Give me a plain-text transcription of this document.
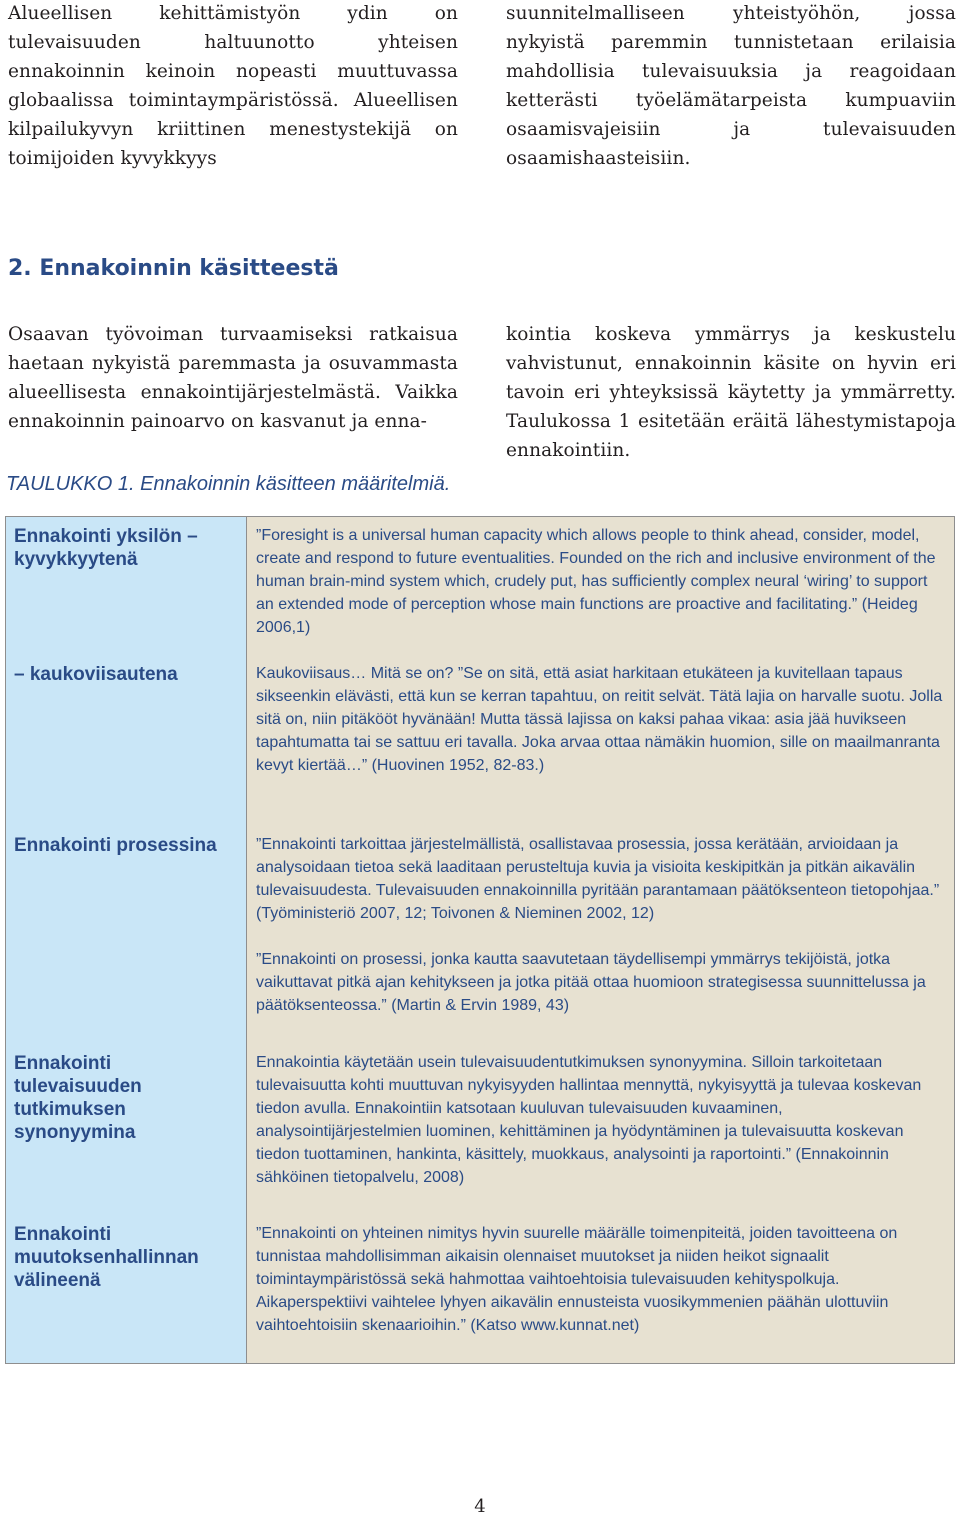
Alueellisen kehittämistyön ydin on tulevaisuuden haltuunotto yhteisen ennakoinnin keinoin nopeasti muuttuvassa globaalissa toimintaympäristössä. Alueellisen kilpailukyvyn kriittinen menestystekijä on toimijoiden kyvykkyys

suunnitelmalliseen yhteistyöhön, jossa nykyistä paremmin tunnistetaan erilaisia mahdollisia tulevaisuuksia ja reagoidaan ketterästi työelämätarpeista kumpuaviin osaamisvajeisiin ja tulevaisuuden osaamishaasteisiin.

2. Ennakoinnin käsitteestä

Osaavan työvoiman turvaamiseksi ratkaisua haetaan nykyistä paremmasta ja osuvammasta alueellisesta ennakointijärjestelmästä. Vaikka ennakoinnin painoarvo on kasvanut ja enna-

kointia koskeva ymmärrys ja keskustelu vahvistunut, ennakoinnin käsite on hyvin eri tavoin eri yhteyksissä käytetty ja ymmärretty. Taulukossa 1 esitetään eräitä lähestymistapoja ennakointiin.

TAULUKKO 1. Ennakoinnin käsitteen määritelmiä.
Ennakointi yksilön – kyvykkyytenä
– kaukoviisautena
Ennakointi prosessina
Ennakointi tulevaisuuden tutkimuksen synonyymina
Ennakointi muutoksenhallinnan välineenä

”Foresight is a universal human capacity which allows people to think ahead, consider, model, create and respond to future eventualities. Founded on the rich and inclusive environment of the human brain-mind system which, crudely put, has sufficiently complex neural ‘wiring’ to support an extended mode of perception whose main functions are proactive and facilitating.” (Heideg 2006,1)

Kaukoviisaus… Mitä se on? ”Se on sitä, että asiat harkitaan etukäteen ja kuvitellaan tapaus sikseenkin elävästi, että kun se kerran tapahtuu, on reitit selvät. Tätä lajia on harvalle suotu. Jolla sitä on, niin pitäkööt hyvänään! Mutta tässä lajissa on kaksi pahaa vikaa: asia jää huvikseen tapahtumatta tai se sattuu eri tavalla. Joka arvaa ottaa nämäkin huomion, sille on maailmanranta kevyt kiertää…” (Huovinen 1952, 82-83.)

”Ennakointi tarkoittaa järjestelmällistä, osallistavaa prosessia, jossa kerätään, arvioidaan ja analysoidaan tietoa sekä laaditaan perusteltuja kuvia ja visioita keskipitkän ja pitkän aikavälin tulevaisuudesta. Tulevaisuuden ennakoinnilla pyritään parantamaan päätöksenteon tietopohjaa.” (Työministeriö 2007, 12; Toivonen & Nieminen 2002, 12)

”Ennakointi on prosessi, jonka kautta saavutetaan täydellisempi ymmärrys tekijöistä, jotka vaikuttavat pitkä ajan kehitykseen ja jotka pitää ottaa huomioon strategisessa suunnittelussa ja päätöksenteossa.” (Martin & Ervin 1989, 43)

Ennakointia käytetään usein tulevaisuudentutkimuksen synonyymina. Silloin tarkoitetaan tulevaisuutta kohti muuttuvan nykyisyyden hallintaa mennyttä, nykyisyyttä ja tulevaa koskevan tiedon avulla. Ennakointiin katsotaan kuuluvan tulevaisuuden kuvaaminen, analysointijärjestelmien luominen, kehittäminen ja hyödyntäminen ja tulevaisuutta koskevan tiedon tuottaminen, hankinta, käsittely, muokkaus, analysointi ja raportointi.” (Ennakoinnin sähköinen tietopalvelu, 2008)

”Ennakointi on yhteinen nimitys hyvin suurelle määrälle toimenpiteitä, joiden tavoitteena on tunnistaa mahdollisimman aikaisin olennaiset muutokset ja niiden heikot signaalit toimintaympäristössä sekä hahmottaa vaihtoehtoisia tulevaisuuden kehityspolkuja. Aikaperspektiivi vaihtelee lyhyen aikavälin ennusteista vuosikymmenien päähän ulottuviin vaihtoehtoisiin skenaarioihin.” (Katso www.kunnat.net)

4
